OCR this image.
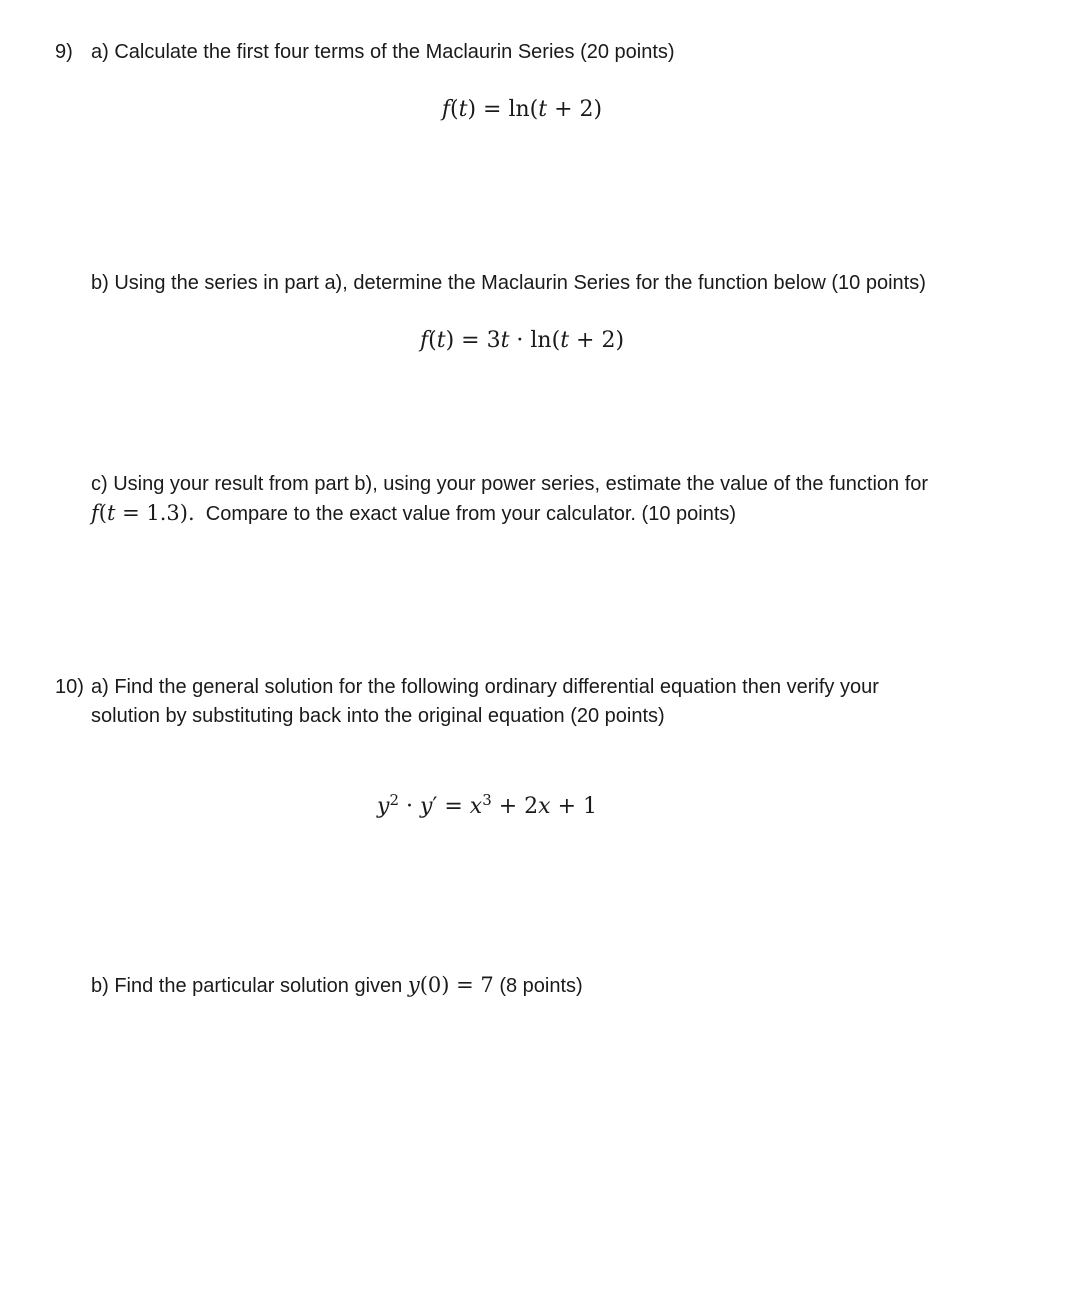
9) a) Calculate the first four terms of the Maclaurin Series (20 points)
f(t) = ln(t + 2)
b) Using the series in part a), determine the Maclaurin Series for the function below (10 points)
f(t) = 3t · ln(t + 2)
c) Using your result from part b), using your power series, estimate the value of the function for
f(t = 1.3). Compare to the exact value from your calculator. (10 points)
10) a) Find the general solution for the following ordinary differential equation then verify your
solution by substituting back into the original equation (20 points)
$y^2 \cdot y' = x^3 + 2x + 1$
b) Find the particular solution given y(0) = 7 (8 points)
